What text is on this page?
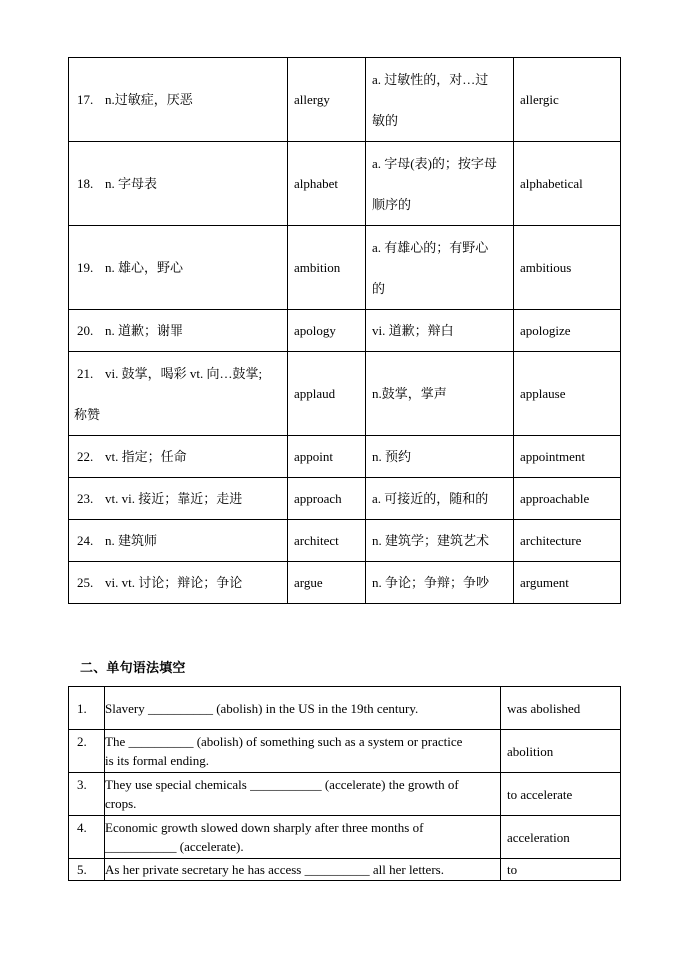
17. n.过敏症，厌恶	allergy	a. 过敏性的，对…过
敏的	allergic
18. n. 字母表	alphabet	a. 字母(表)的；按字母
顺序的	alphabetical
19. n. 雄心，野心	ambition	a. 有雄心的；有野心
的	ambitious
20. n. 道歉；谢罪	apology	vi. 道歉；辩白	apologize

21. vi. 鼓掌，喝彩 vt. 向…鼓掌;
称赞	applaud	n.鼓掌，掌声	applause
22. vt. 指定；任命	appoint	n. 预约	appointment
23. vt. vi. 接近；靠近；走进	approach	a. 可接近的，随和的	approachable
24. n. 建筑师	architect	n. 建筑学；建筑艺术	architecture
25. vi. vt. 讨论；辩论；争论	argue	n. 争论；争辩；争吵	argument
二、单句语法填空
1.	Slavery __________ (abolish) in the US in the 19th century.	was abolished
2.	The __________ (abolish) of something such as a system or practice
is its formal ending.	abolition
3.	They use special chemicals ___________ (accelerate) the growth of
crops.	to accelerate
4.	Economic growth slowed down sharply after three months of
___________ (accelerate).	acceleration
5.	As her private secretary he has access __________ all her letters.	to
